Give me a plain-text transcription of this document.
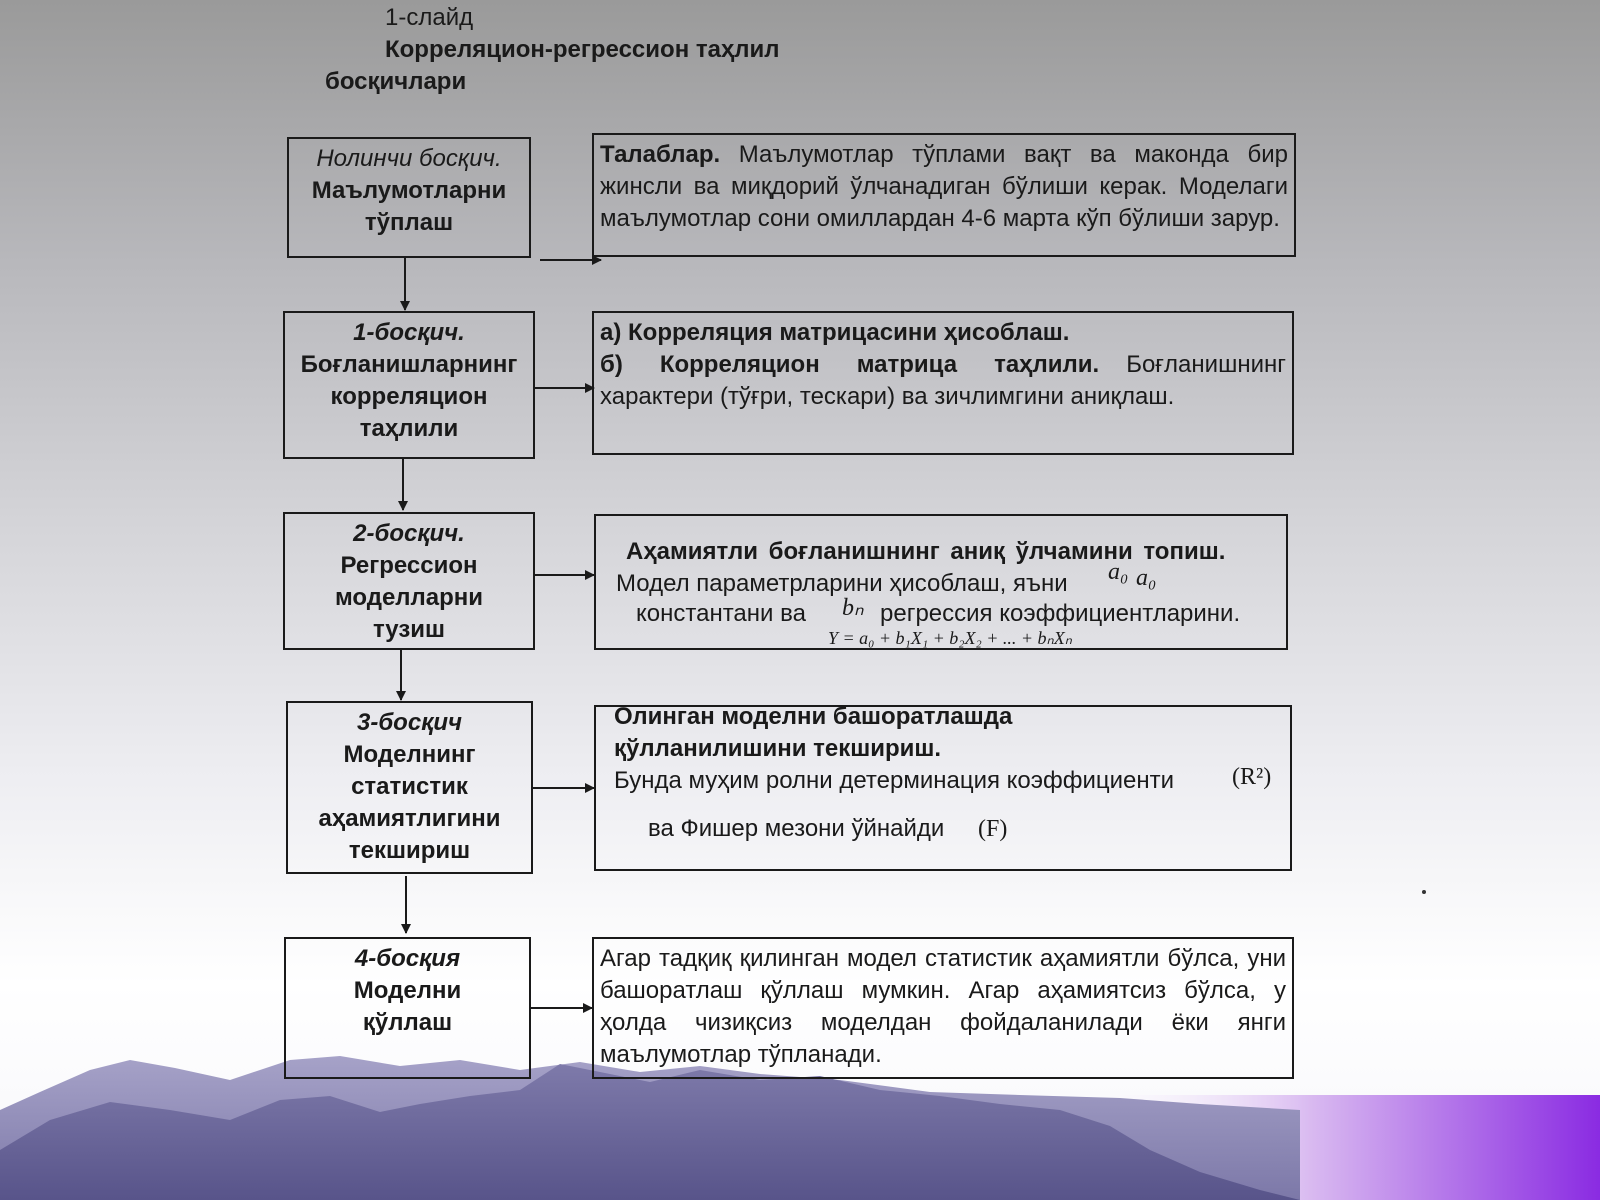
1-слайд
Корреляцион-регрессион таҳлил
босқичлари
Нолинчи босқич.
Маълумотларни тўплаш
1-босқич.
Боғланишларнинг корреляцион таҳлили
2-босқич.
Регрессион моделларни тузиш
3-босқич
Моделнинг статистик аҳамиятлигини текшириш
4-босқия
Моделни қўллаш
Талаблар. Маълумотлар тўплами вақт ва маконда бир жинсли ва миқдорий ўлчанадиган бўлиши керак. Моделаги маълумотлар сони омиллардан 4-6 марта кўп бўлиши зарур.
а) Корреляция матрицасини ҳисоблаш.
б) Корреляцион матрица таҳлили. Боғланишнинг характери (тўғри, тескари) ва зичлимгини аниқлаш.
Аҳамиятли боғланишнинг аниқ ўлчамини топиш.
Модел параметрларини ҳисоблаш, яъни a₀ a₀
константани ва bₙ регрессия коэффициентларини.
Y = a₀ + b₁X₁ + b₂X₂ + ... + bₙXₙ
Олинган моделни башоратлашда
қўлланилишини текшириш.
Бунда муҳим ролни детерминация коэффициенти (R²)
ва Фишер мезони ўйнайди (F)
Агар тадқиқ қилинган модел статистик аҳамиятли бўлса, уни башоратлаш қўллаш мумкин. Агар аҳамиятсиз бўлса, у ҳолда чизиқсиз моделдан фойдаланилади ёки янги маълумотлар тўпланади.
